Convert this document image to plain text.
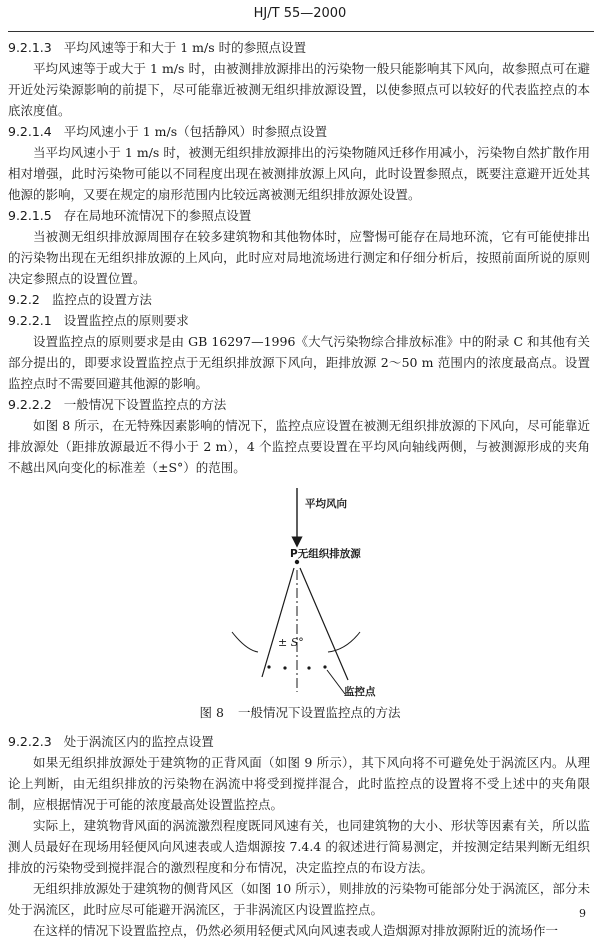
HJ/T 55—2000
9.2.1.3 平均风速等于和大于 1 m/s 时的参照点设置

平均风速等于或大于 1 m/s 时，由被测排放源排出的污染物一般只能影响其下风向，故参照点可在避开近处污染源影响的前提下，尽可能靠近被测无组织排放源设置，以使参照点可以较好的代表监控点的本底浓度值。

9.2.1.4 平均风速小于 1 m/s（包括静风）时参照点设置

当平均风速小于 1 m/s 时，被测无组织排放源排出的污染物随风迁移作用减小，污染物自然扩散作用相对增强，此时污染物可能以不同程度出现在被测排放源上风向，此时设置参照点，既要注意避开近处其他源的影响，又要在规定的扇形范围内比较远离被测无组织排放源处设置。

9.2.1.5 存在局地环流情况下的参照点设置

当被测无组织排放源周围存在较多建筑物和其他物体时，应警惕可能存在局地环流，它有可能使排出的污染物出现在无组织排放源的上风向，此时应对局地流场进行测定和仔细分析后，按照前面所说的原则决定参照点的设置位置。

9.2.2 监控点的设置方法
9.2.2.1 设置监控点的原则要求

设置监控点的原则要求是由 GB 16297—1996《大气污染物综合排放标准》中的附录 C 和其他有关部分提出的，即要求设置监控点于无组织排放源下风向，距排放源 2～50 m 范围内的浓度最高点。设置监控点时不需要回避其他源的影响。

9.2.2.2 一般情况下设置监控点的方法

如图 8 所示，在无特殊因素影响的情况下，监控点应设置在被测无组织排放源的下风向，尽可能靠近排放源处（距排放源最近不得小于 2 m），4 个监控点要设置在平均风向轴线两侧，与被测源形成的夹角不越出风向变化的标准差（±S°）的范围。

平均风向
P无组织排放源
± S°
监控点
图 8 一般情况下设置监控点的方法
9.2.2.3 处于涡流区内的监控点设置

如果无组织排放源处于建筑物的正背风面（如图 9 所示），其下风向将不可避免处于涡流区内。从理论上判断，由无组织排放的污染物在涡流中将受到搅拌混合，此时监控点的设置将不受上述中的夹角限制，应根据情况于可能的浓度最高处设置监控点。

实际上，建筑物背风面的涡流激烈程度既同风速有关，也同建筑物的大小、形状等因素有关，所以监测人员最好在现场用轻便风向风速表或人造烟源按 7.4.4 的叙述进行简易测定，并按测定结果判断无组织排放的污染物受到搅拌混合的激烈程度和分布情况，决定监控点的布设方法。

无组织排放源处于建筑物的侧背风区（如图 10 所示），则排放的污染物可能部分处于涡流区，部分未处于涡流区，此时应尽可能避开涡流区，于非涡流区内设置监控点。

在这样的情况下设置监控点，仍然必须用轻便式风向风速表或人造烟源对排放源附近的流场作一

9
